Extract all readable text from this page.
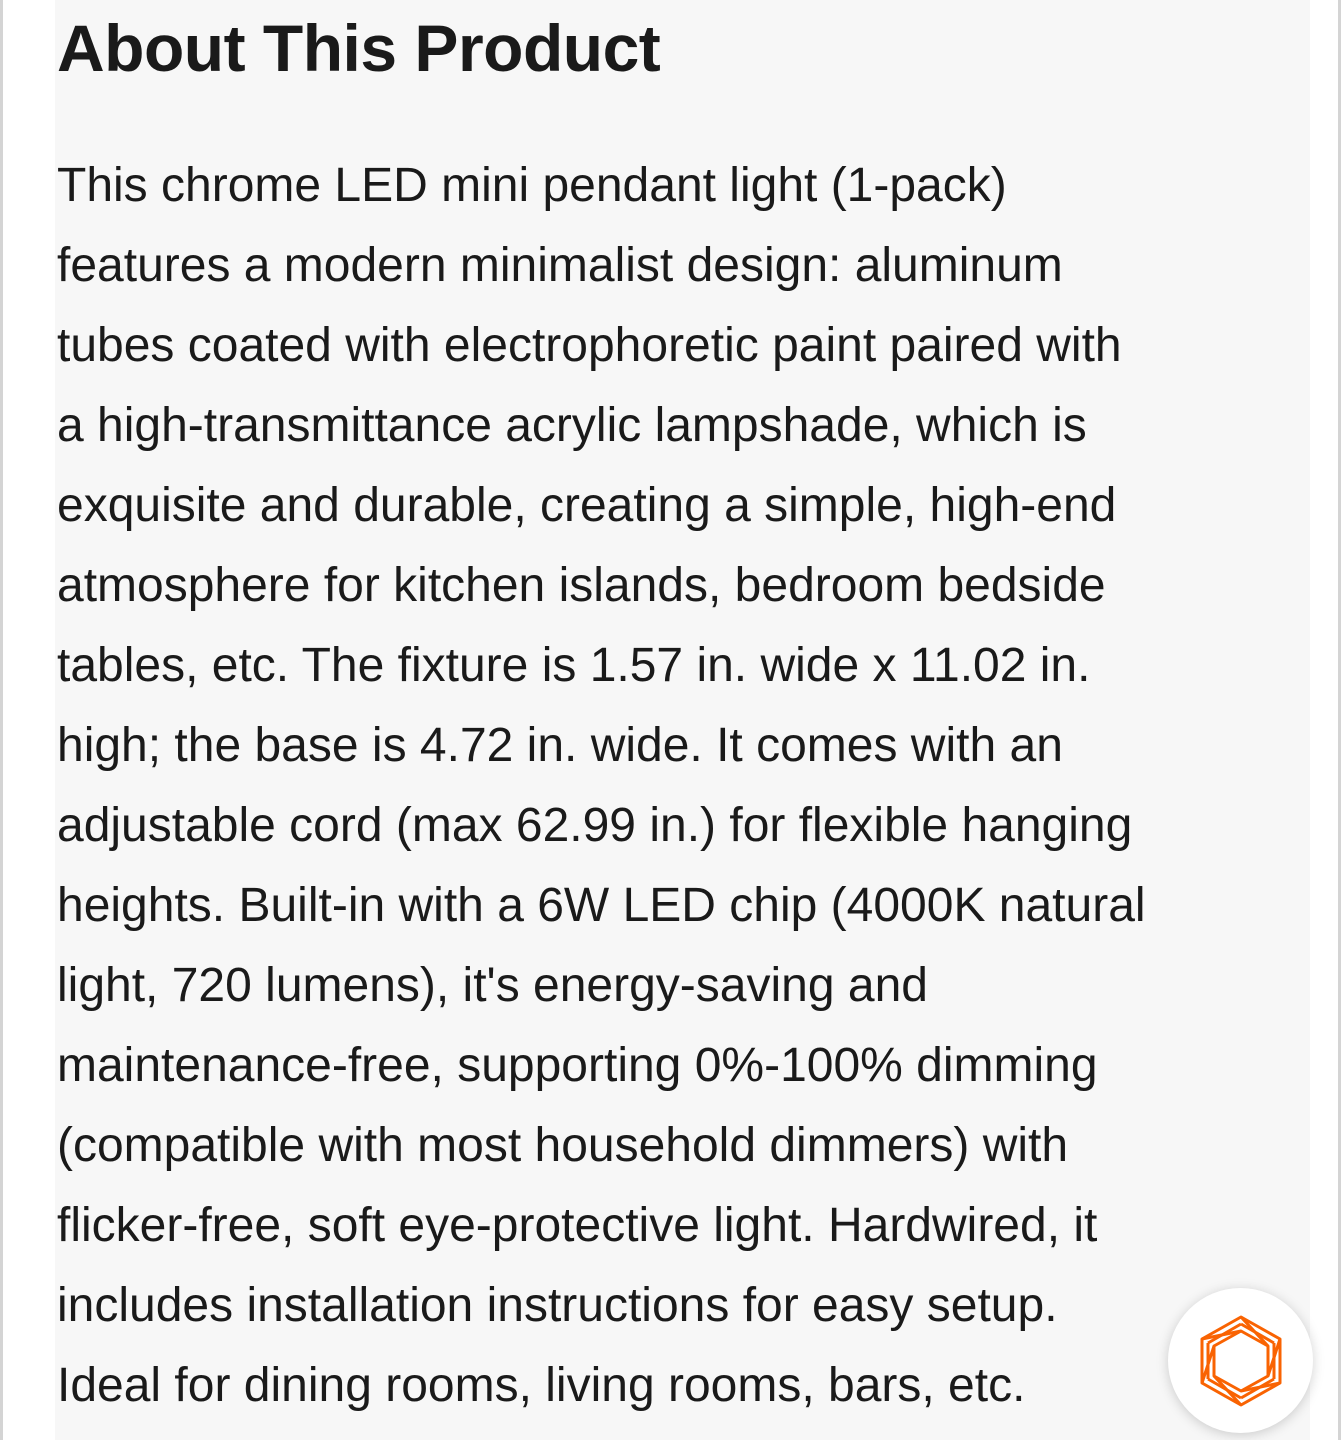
About This Product

This chrome LED mini pendant light (1-pack)
features a modern minimalist design: aluminum
tubes coated with electrophoretic paint paired with
a high-transmittance acrylic lampshade, which is
exquisite and durable, creating a simple, high-end
atmosphere for kitchen islands, bedroom bedside
tables, etc. The fixture is 1.57 in. wide x 11.02 in.
high; the base is 4.72 in. wide. It comes with an
adjustable cord (max 62.99 in.) for flexible hanging
heights. Built-in with a 6W LED chip (4000K natural
light, 720 lumens), it's energy-saving and
maintenance-free, supporting 0%-100% dimming
(compatible with most household dimmers) with
flicker-free, soft eye-protective light. Hardwired, it
includes installation instructions for easy setup.
Ideal for dining rooms, living rooms, bars, etc.
